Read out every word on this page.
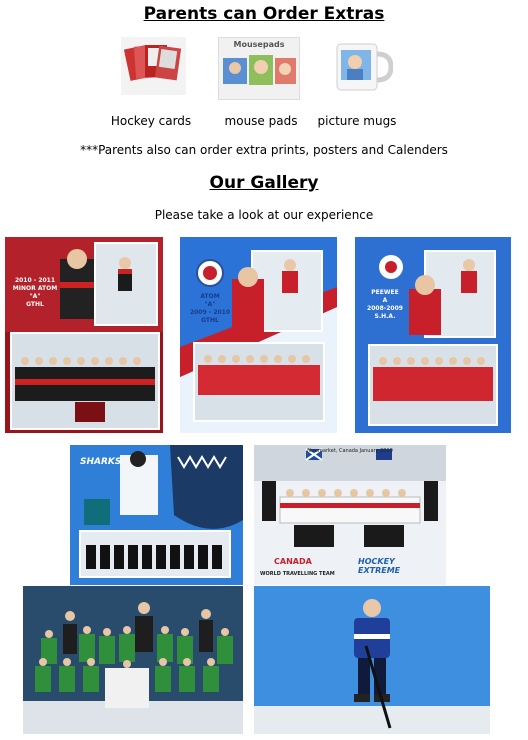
Parents can Order Extras
Mousepads
Hockey cards	mouse pads	picture mugs
***Parents also can order extra prints, posters and Calenders
Our Gallery
Please take a look at our experience
2010 - 2011
MINOR ATOM
"A"
GTHL
ATOM
"A"
2009 - 2010
GTHL
PEEWEE
A
2008-2009
S.H.A.
SHARKS
Newmarket, Canada January 2010
CANADA
WORLD TRAVELLING TEAM
HOCKEY EXTREME
